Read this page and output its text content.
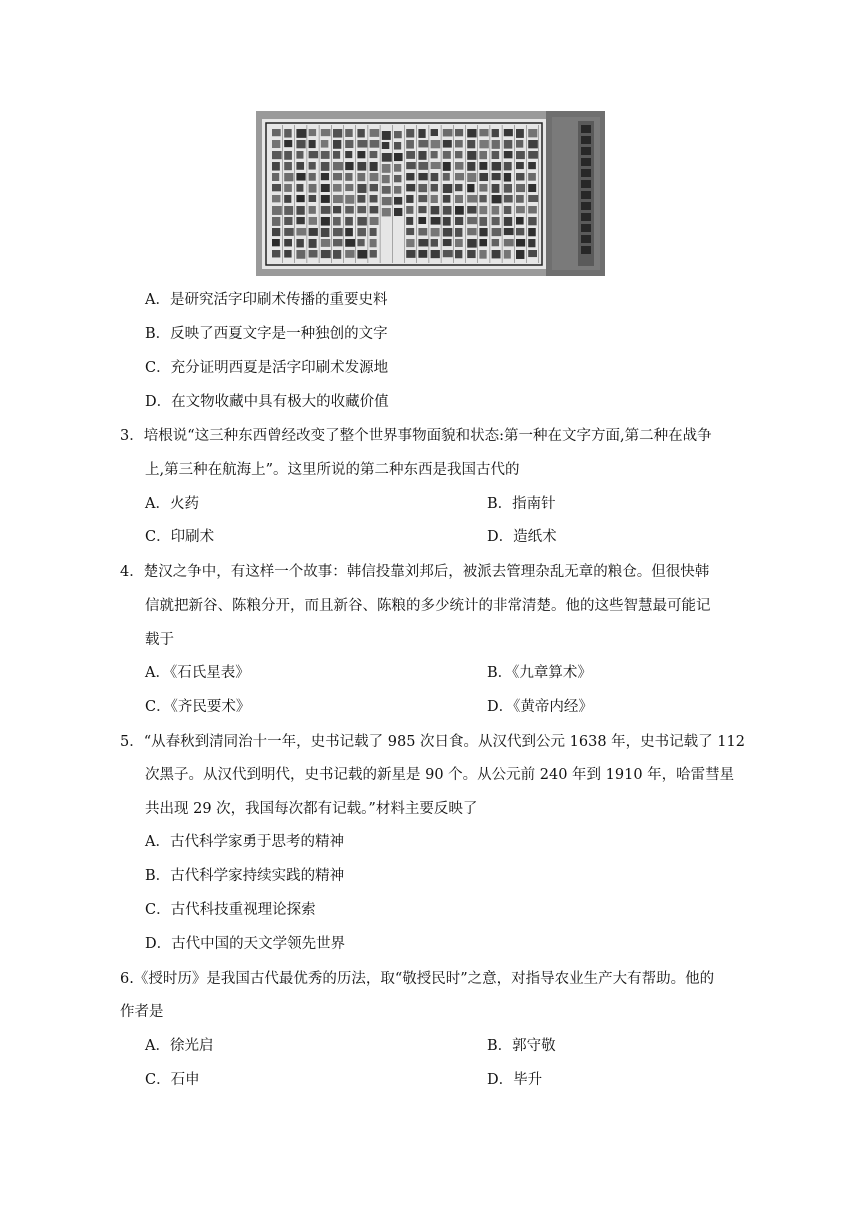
A．是研究活字印刷术传播的重要史料
B．反映了西夏文字是一种独创的文字
C．充分证明西夏是活字印刷术发源地
D．在文物收藏中具有极大的收藏价值
3．培根说“这三种东西曾经改变了整个世界事物面貌和状态:第一种在文字方面,第二种在战争
上,第三种在航海上”。这里所说的第二种东西是我国古代的
A．火药	B．指南针
C．印刷术	D．造纸术
4．楚汉之争中，有这样一个故事：韩信投靠刘邦后，被派去管理杂乱无章的粮仓。但很快韩
信就把新谷、陈粮分开，而且新谷、陈粮的多少统计的非常清楚。他的这些智慧最可能记
载于
A．《石氏星表》	B．《九章算术》
C．《齐民要术》	D．《黄帝内经》
5．“从春秋到清同治十一年，史书记载了 985 次日食。从汉代到公元 1638 年，史书记载了 112
次黑子。从汉代到明代，史书记载的新星是 90 个。从公元前 240 年到 1910 年，哈雷彗星
共出现 29 次，我国每次都有记载。”材料主要反映了
A．古代科学家勇于思考的精神
B．古代科学家持续实践的精神
C．古代科技重视理论探索
D．古代中国的天文学领先世界
6.《授时历》是我国古代最优秀的历法，取“敬授民时”之意，对指导农业生产大有帮助。他的
作者是
A．徐光启	B．郭守敬
C．石申	D．毕升
